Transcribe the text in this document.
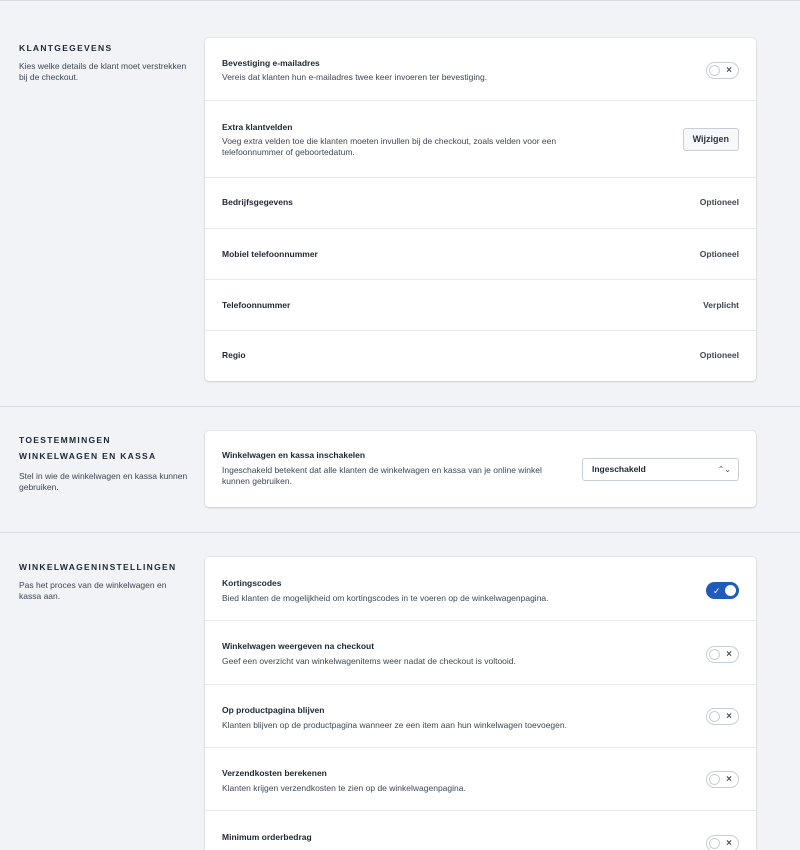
KLANTGEGEVENS
Kies welke details de klant moet verstrekken bij de checkout.
Bevestiging e-mailadres
Vereis dat klanten hun e-mailadres twee keer invoeren ter bevestiging.
×
Extra klantvelden
Voeg extra velden toe die klanten moeten invullen bij de checkout, zoals velden voor een telefoonnummer of geboortedatum.
Wijzigen
Bedrijfsgegevens	Optioneel
Mobiel telefoonnummer	Optioneel
Telefoonnummer	Verplicht
Regio	Optioneel
TOESTEMMINGEN WINKELWAGEN EN KASSA
Stel in wie de winkelwagen en kassa kunnen gebruiken.
Winkelwagen en kassa inschakelen
Ingeschakeld betekent dat alle klanten de winkelwagen en kassa van je online winkel kunnen gebruiken.
Ingeschakeld	⌃⌄
WINKELWAGENINSTELLINGEN
Pas het proces van de winkelwagen en kassa aan.
Kortingscodes
Bied klanten de mogelijkheid om kortingscodes in te voeren op de winkelwagenpagina.
✓
Winkelwagen weergeven na checkout
Geef een overzicht van winkelwagenitems weer nadat de checkout is voltooid.
×
Op productpagina blijven
Klanten blijven op de productpagina wanneer ze een item aan hun winkelwagen toevoegen.
×
Verzendkosten berekenen
Klanten krijgen verzendkosten te zien op de winkelwagenpagina.
×
Minimum orderbedrag
×
